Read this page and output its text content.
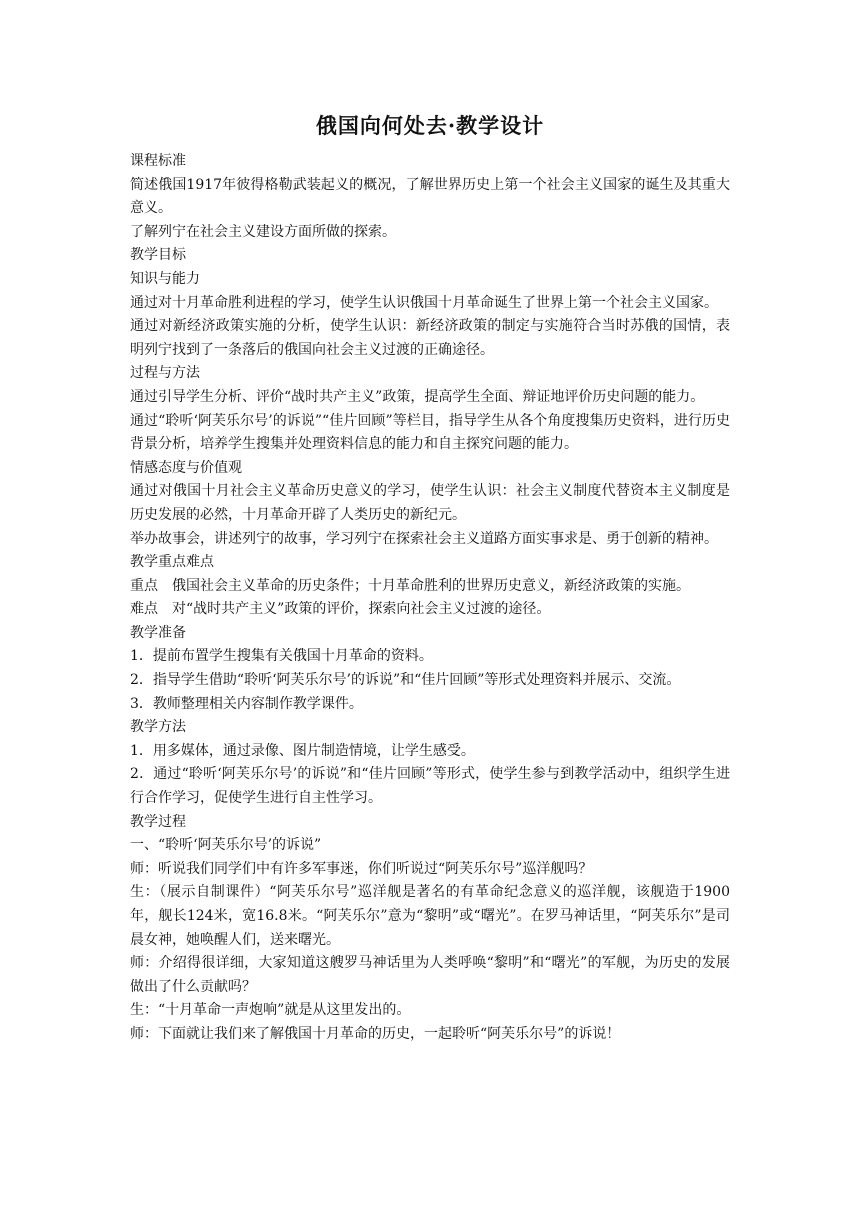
俄国向何处去·教学设计

课程标准

简述俄国1917年彼得格勒武装起义的概况，了解世界历史上第一个社会主义国家的诞生及其重大意义。

了解列宁在社会主义建设方面所做的探索。

教学目标

知识与能力

通过对十月革命胜利进程的学习，使学生认识俄国十月革命诞生了世界上第一个社会主义国家。

通过对新经济政策实施的分析，使学生认识：新经济政策的制定与实施符合当时苏俄的国情，表明列宁找到了一条落后的俄国向社会主义过渡的正确途径。

过程与方法

通过引导学生分析、评价“战时共产主义”政策，提高学生全面、辩证地评价历史问题的能力。

通过“聆听‘阿芙乐尔号’的诉说”“佳片回顾”等栏目，指导学生从各个角度搜集历史资料，进行历史背景分析，培养学生搜集并处理资料信息的能力和自主探究问题的能力。

情感态度与价值观

通过对俄国十月社会主义革命历史意义的学习，使学生认识：社会主义制度代替资本主义制度是历史发展的必然，十月革命开辟了人类历史的新纪元。

举办故事会，讲述列宁的故事，学习列宁在探索社会主义道路方面实事求是、勇于创新的精神。

教学重点难点

重点　俄国社会主义革命的历史条件；十月革命胜利的世界历史意义，新经济政策的实施。

难点　对“战时共产主义”政策的评价，探索向社会主义过渡的途径。

教学准备

1．提前布置学生搜集有关俄国十月革命的资料。

2．指导学生借助“聆听‘阿芙乐尔号’的诉说”和“佳片回顾”等形式处理资料并展示、交流。

3．教师整理相关内容制作教学课件。

教学方法

1．用多媒体，通过录像、图片制造情境，让学生感受。

2．通过“聆听‘阿芙乐尔号’的诉说”和“佳片回顾”等形式，使学生参与到教学活动中，组织学生进行合作学习，促使学生进行自主性学习。

教学过程

一、“聆听‘阿芙乐尔号’的诉说”

师：听说我们同学们中有许多军事迷，你们听说过“阿芙乐尔号”巡洋舰吗？

生：（展示自制课件）“阿芙乐尔号”巡洋舰是著名的有革命纪念意义的巡洋舰，该舰造于1900年，舰长124米，宽16.8米。“阿芙乐尔”意为“黎明”或“曙光”。在罗马神话里，“阿芙乐尔”是司晨女神，她唤醒人们，送来曙光。

师：介绍得很详细，大家知道这艘罗马神话里为人类呼唤“黎明”和“曙光”的军舰，为历史的发展做出了什么贡献吗？

生：“十月革命一声炮响”就是从这里发出的。

师：下面就让我们来了解俄国十月革命的历史，一起聆听“阿芙乐尔号”的诉说！
